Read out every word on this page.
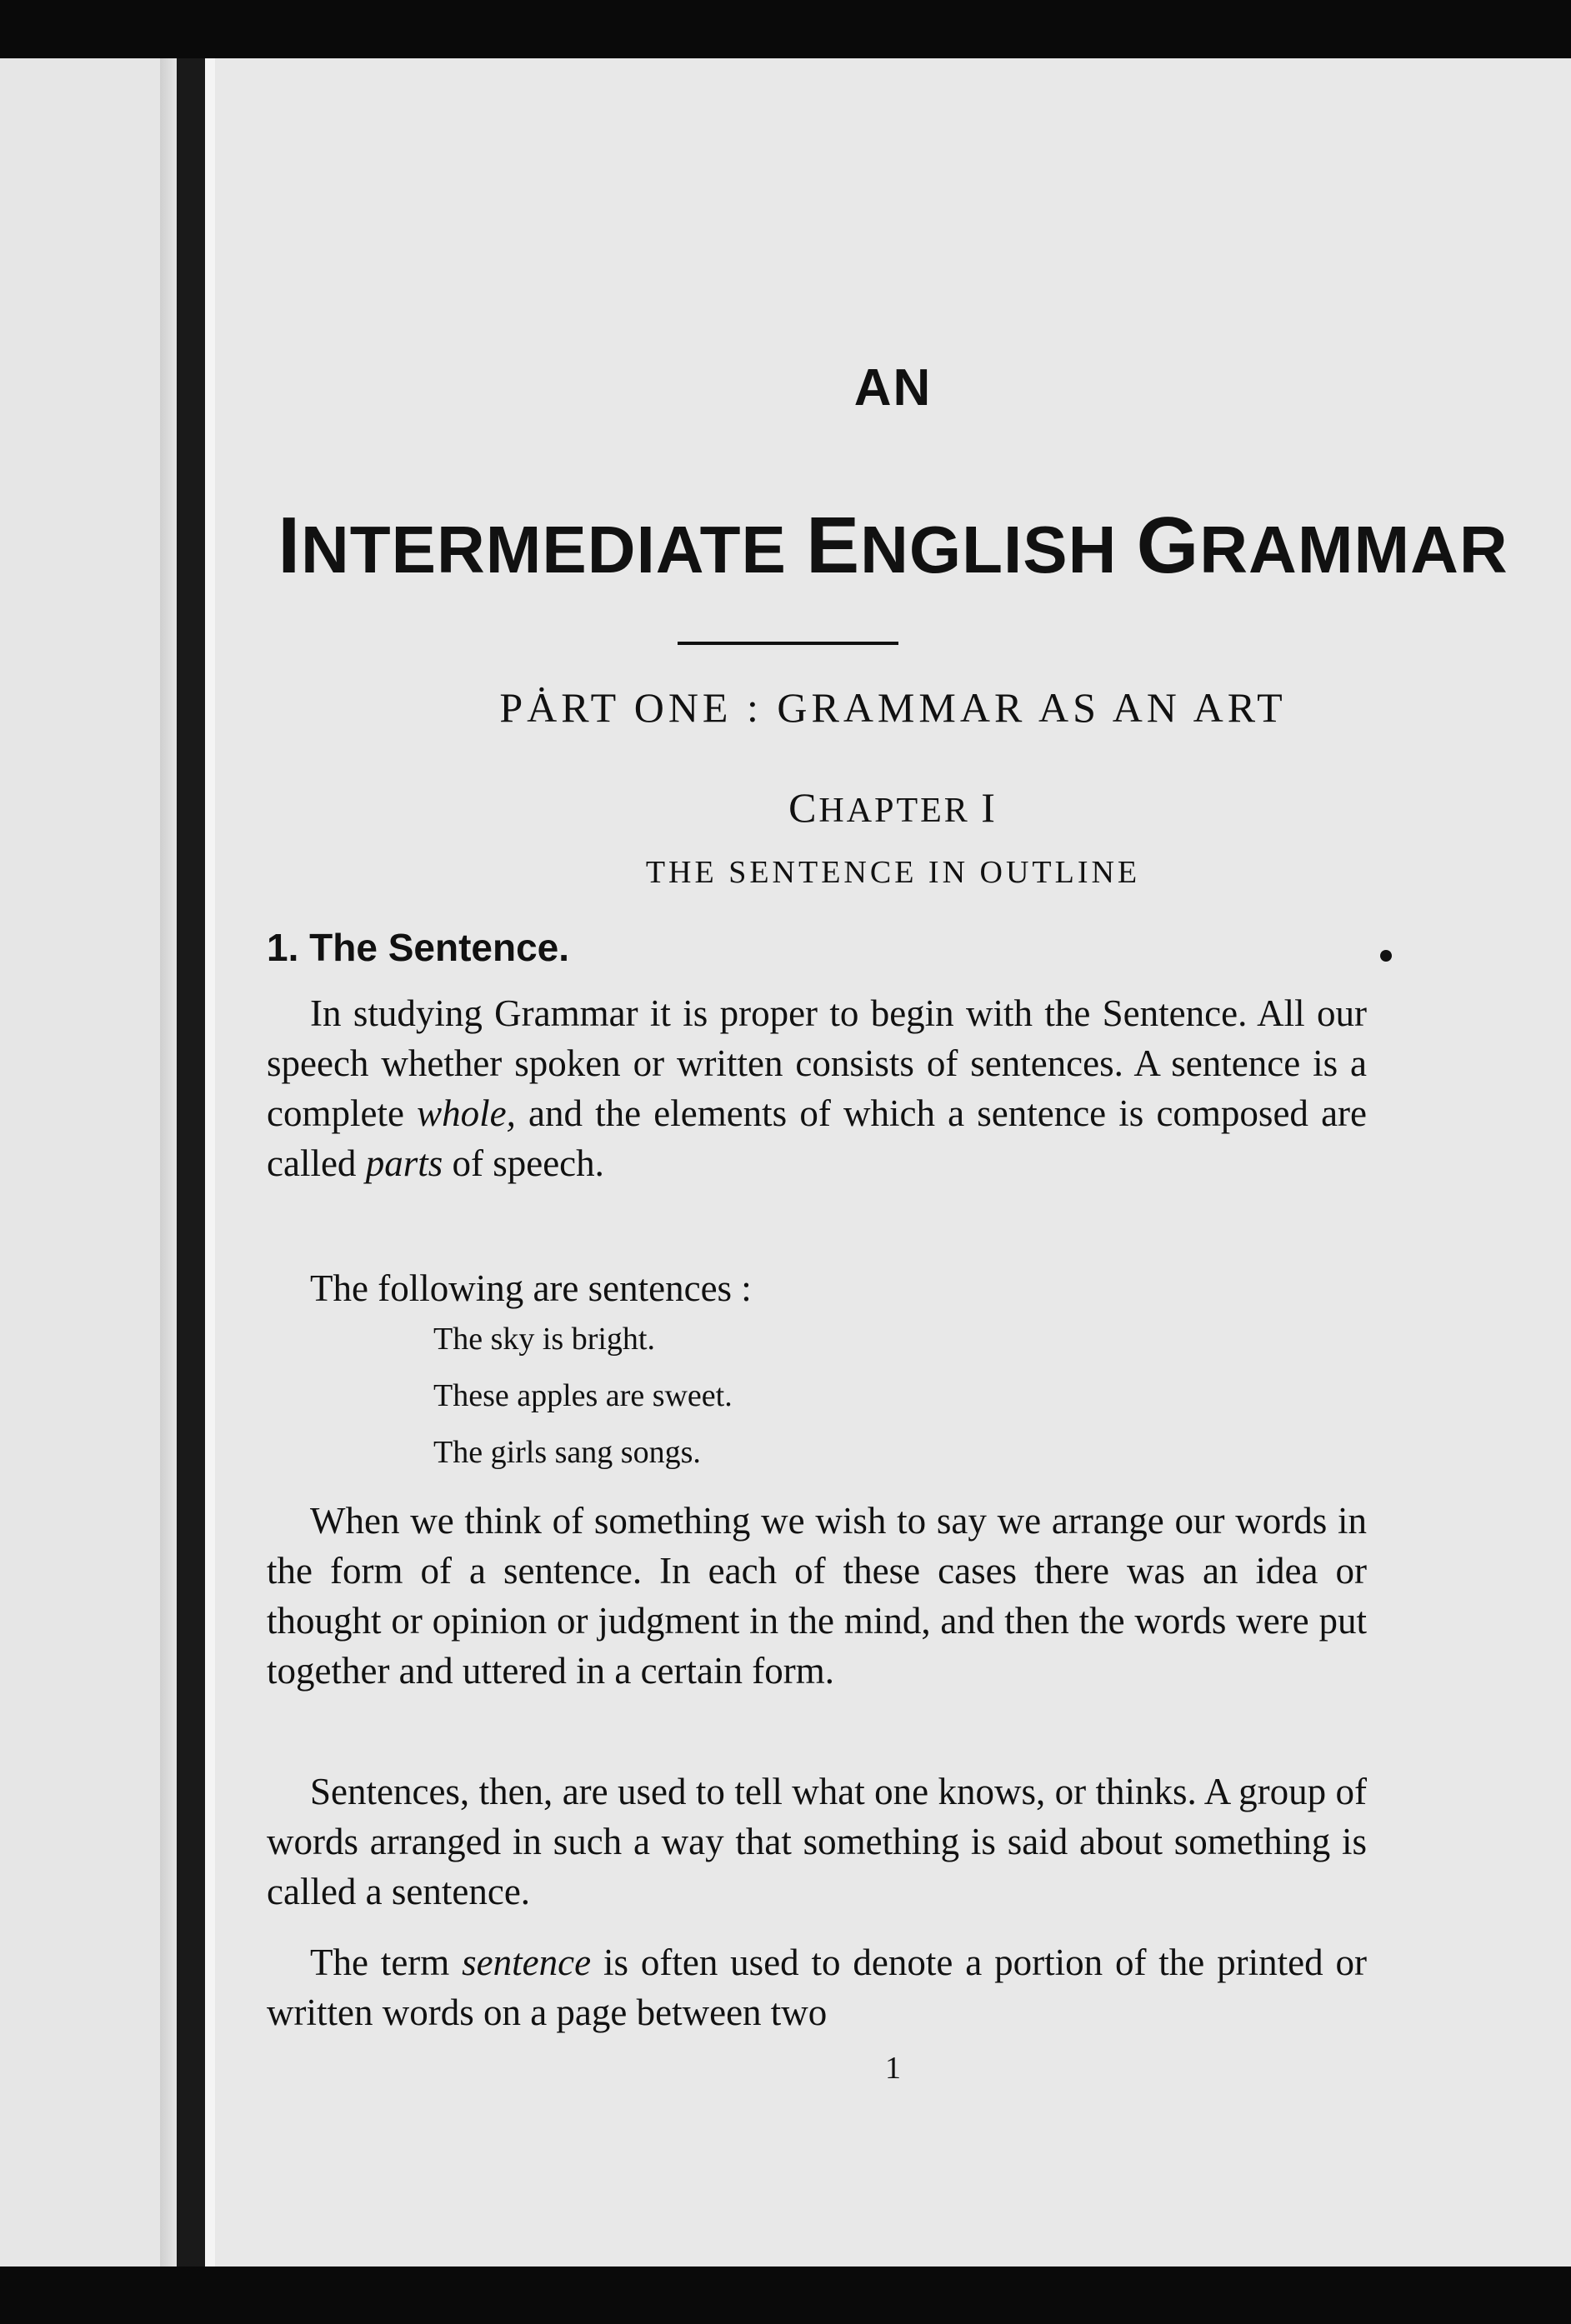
AN
INTERMEDIATE ENGLISH GRAMMAR
PȦRT ONE : GRAMMAR AS AN ART
CHAPTER I
THE SENTENCE IN OUTLINE
1. The Sentence.

In studying Grammar it is proper to begin with the Sentence. All our speech whether spoken or written consists of sentences. A sentence is a complete whole, and the elements of which a sentence is composed are called parts of speech.

The following are sentences :

The sky is bright.
These apples are sweet.
The girls sang songs.

When we think of something we wish to say we arrange our words in the form of a sentence. In each of these cases there was an idea or thought or opinion or judgment in the mind, and then the words were put together and uttered in a certain form.

Sentences, then, are used to tell what one knows, or thinks. A group of words arranged in such a way that something is said about something is called a sentence.

The term sentence is often used to denote a portion of the printed or written words on a page between two

1
